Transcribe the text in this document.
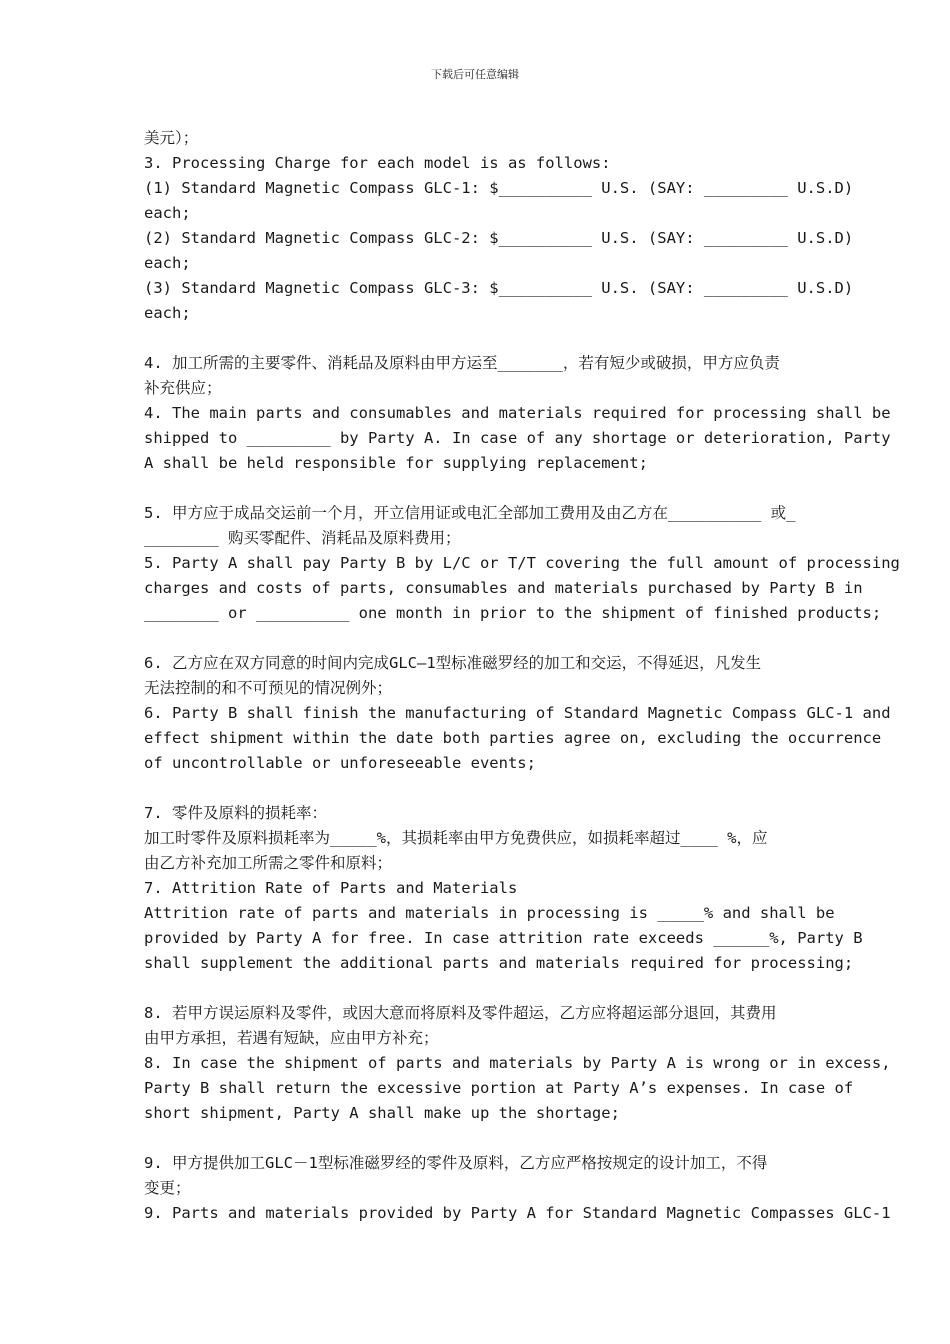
下载后可任意编辑
美元）；
3. Processing Charge for each model is as follows:
(1) Standard Magnetic Compass GLC-1: $__________ U.S. (SAY: _________ U.S.D)
each;
(2) Standard Magnetic Compass GLC-2: $__________ U.S. (SAY: _________ U.S.D)
each;
(3) Standard Magnetic Compass GLC-3: $__________ U.S. (SAY: _________ U.S.D)
each;
4. 加工所需的主要零件、消耗品及原料由甲方运至_______，若有短少或破损，甲方应负责
补充供应；
4. The main parts and consumables and materials required for processing shall be
shipped to _________ by Party A. In case of any shortage or deterioration, Party
A shall be held responsible for supplying replacement;
5. 甲方应于成品交运前一个月，开立信用证或电汇全部加工费用及由乙方在__________ 或_
________ 购买零配件、消耗品及原料费用；
5. Party A shall pay Party B by L/C or T/T covering the full amount of processing
charges and costs of parts, consumables and materials purchased by Party B in
________ or __________ one month in prior to the shipment of finished products;
6. 乙方应在双方同意的时间内完成GLC—1型标准磁罗经的加工和交运，不得延迟，凡发生
无法控制的和不可预见的情况例外；
6. Party B shall finish the manufacturing of Standard Magnetic Compass GLC-1 and
effect shipment within the date both parties agree on, excluding the occurrence
of uncontrollable or unforeseeable events;
7. 零件及原料的损耗率：
加工时零件及原料损耗率为_____%，其损耗率由甲方免费供应，如损耗率超过____ %，应
由乙方补充加工所需之零件和原料；
7. Attrition Rate of Parts and Materials
Attrition rate of parts and materials in processing is _____% and shall be
provided by Party A for free. In case attrition rate exceeds ______%, Party B
shall supplement the additional parts and materials required for processing;
8. 若甲方误运原料及零件，或因大意而将原料及零件超运，乙方应将超运部分退回，其费用
由甲方承担，若遇有短缺，应由甲方补充；
8. In case the shipment of parts and materials by Party A is wrong or in excess,
Party B shall return the excessive portion at Party A’s expenses. In case of
short shipment, Party A shall make up the shortage;
9. 甲方提供加工GLC－1型标准磁罗经的零件及原料，乙方应严格按规定的设计加工，不得
变更；
9. Parts and materials provided by Party A for Standard Magnetic Compasses GLC-1
